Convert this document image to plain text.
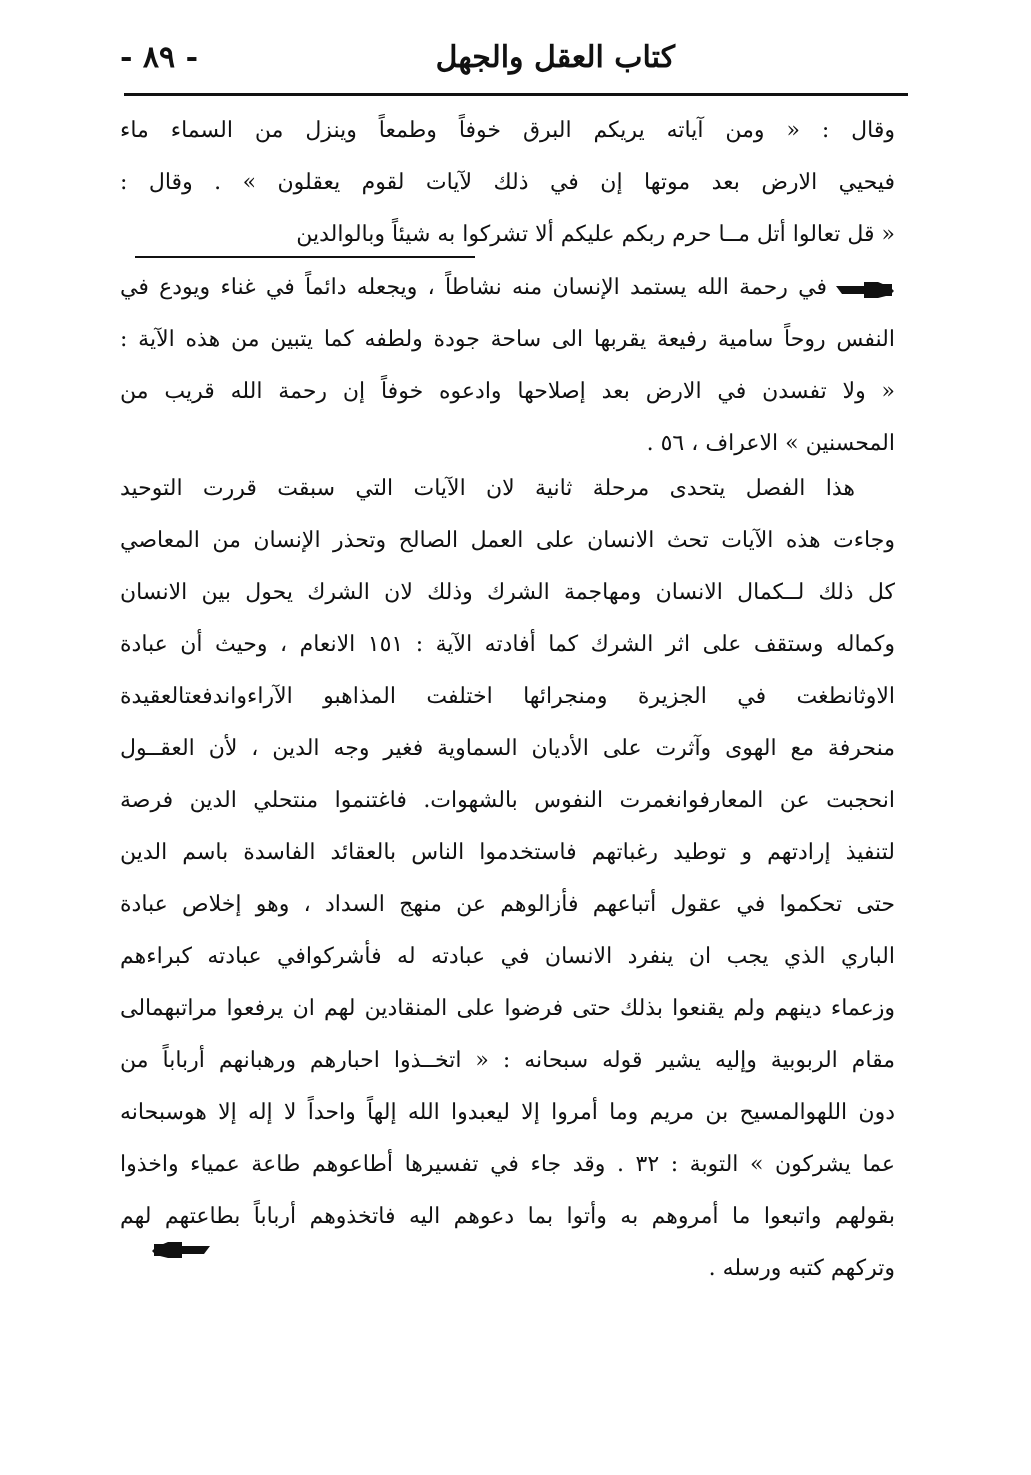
كتاب العقل والجهل
- ٨٩ -
وقال : « ومن آياته يريكم البرق خوفاً وطمعاً وينزل من السماء ماء
فيحيي الارض بعد موتها إن في ذلك لآيات لقوم يعقلون » . وقال :
« قل تعالوا أتل مــا حرم ربكم عليكم ألا تشركوا به شيئاً وبالوالدين
في رحمة الله يستمد الإنسان منه نشاطاً ، ويجعله دائماً في غناء ويودع في
النفس روحاً سامية رفيعة يقربها الى ساحة جودة ولطفه كما يتبين من هذه الآية :
« ولا تفسدن في الارض بعد إصلاحها وادعوه خوفاً إن رحمة الله قريب من
المحسنين » الاعراف ، ٥٦ .
هذا الفصل يتحدى مرحلة ثانية لان الآيات التي سبقت قررت التوحيد
وجاءت هذه الآيات تحث الانسان على العمل الصالح وتحذر الإنسان من المعاصي
كل ذلك لــكمال الانسان ومهاجمة الشرك وذلك لان الشرك يحول بين الانسان
وكماله وستقف على اثر الشرك كما أفادته الآية : ١٥١ الانعام ، وحيث أن عبادة
الاوثانطغت في الجزيرة ومنجرائها اختلفت المذاهبو الآراءواندفعتالعقيدة
منحرفة مع الهوى وآثرت على الأديان السماوية فغير وجه الدين ، لأن العقــول
انحجبت عن المعارفوانغمرت النفوس بالشهوات. فاغتنموا منتحلي الدين فرصة
لتنفيذ إرادتهم و توطيد رغباتهم فاستخدموا الناس بالعقائد الفاسدة باسم الدين
حتى تحكموا في عقول أتباعهم فأزالوهم عن منهج السداد ، وهو إخلاص عبادة
الباري الذي يجب ان ينفرد الانسان في عبادته له فأشركوافي عبادته كبراءهم
وزعماء دينهم ولم يقنعوا بذلك حتى فرضوا على المنقادين لهم ان يرفعوا مراتبهمالى
مقام الربوبية وإليه يشير قوله سبحانه : « اتخــذوا احبارهم ورهبانهم أرباباً من
دون اللهوالمسيح بن مريم وما أمروا إلا ليعبدوا الله إلهاً واحداً لا إله إلا هوسبحانه
عما يشركون » التوبة : ٣٢ . وقد جاء في تفسيرها أطاعوهم طاعة عمياء واخذوا
بقولهم واتبعوا ما أمروهم به وأتوا بما دعوهم اليه فاتخذوهم أرباباً بطاعتهم لهم
وتركهم كتبه ورسله .
